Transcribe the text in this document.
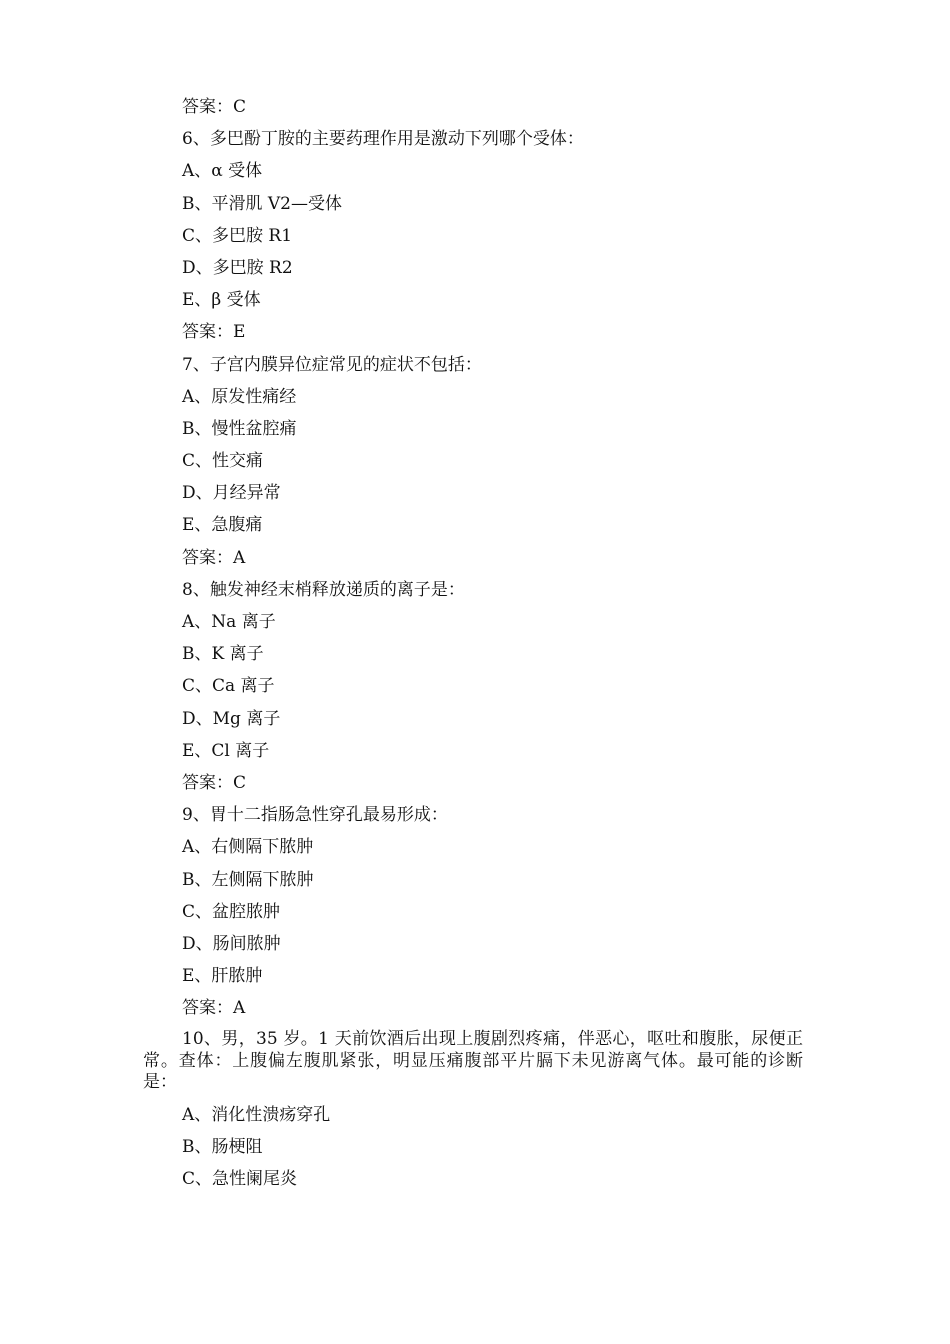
答案：C
6、多巴酚丁胺的主要药理作用是激动下列哪个受体：
A、α 受体
B、平滑肌 V2—受体
C、多巴胺 R1
D、多巴胺 R2
E、β 受体
答案：E
7、子宫内膜异位症常见的症状不包括：
A、原发性痛经
B、慢性盆腔痛
C、性交痛
D、月经异常
E、急腹痛
答案：A
8、触发神经末梢释放递质的离子是：
A、Na 离子
B、K 离子
C、Ca 离子
D、Mg 离子
E、Cl 离子
答案：C
9、胃十二指肠急性穿孔最易形成：
A、右侧隔下脓肿
B、左侧隔下脓肿
C、盆腔脓肿
D、肠间脓肿
E、肝脓肿
答案：A
10、男，35 岁。1 天前饮酒后出现上腹剧烈疼痛，伴恶心，呕吐和腹胀，尿便正常。查体：上腹偏左腹肌紧张，明显压痛腹部平片膈下未见游离气体。最可能的诊断是：
A、消化性溃疡穿孔
B、肠梗阻
C、急性阑尾炎
